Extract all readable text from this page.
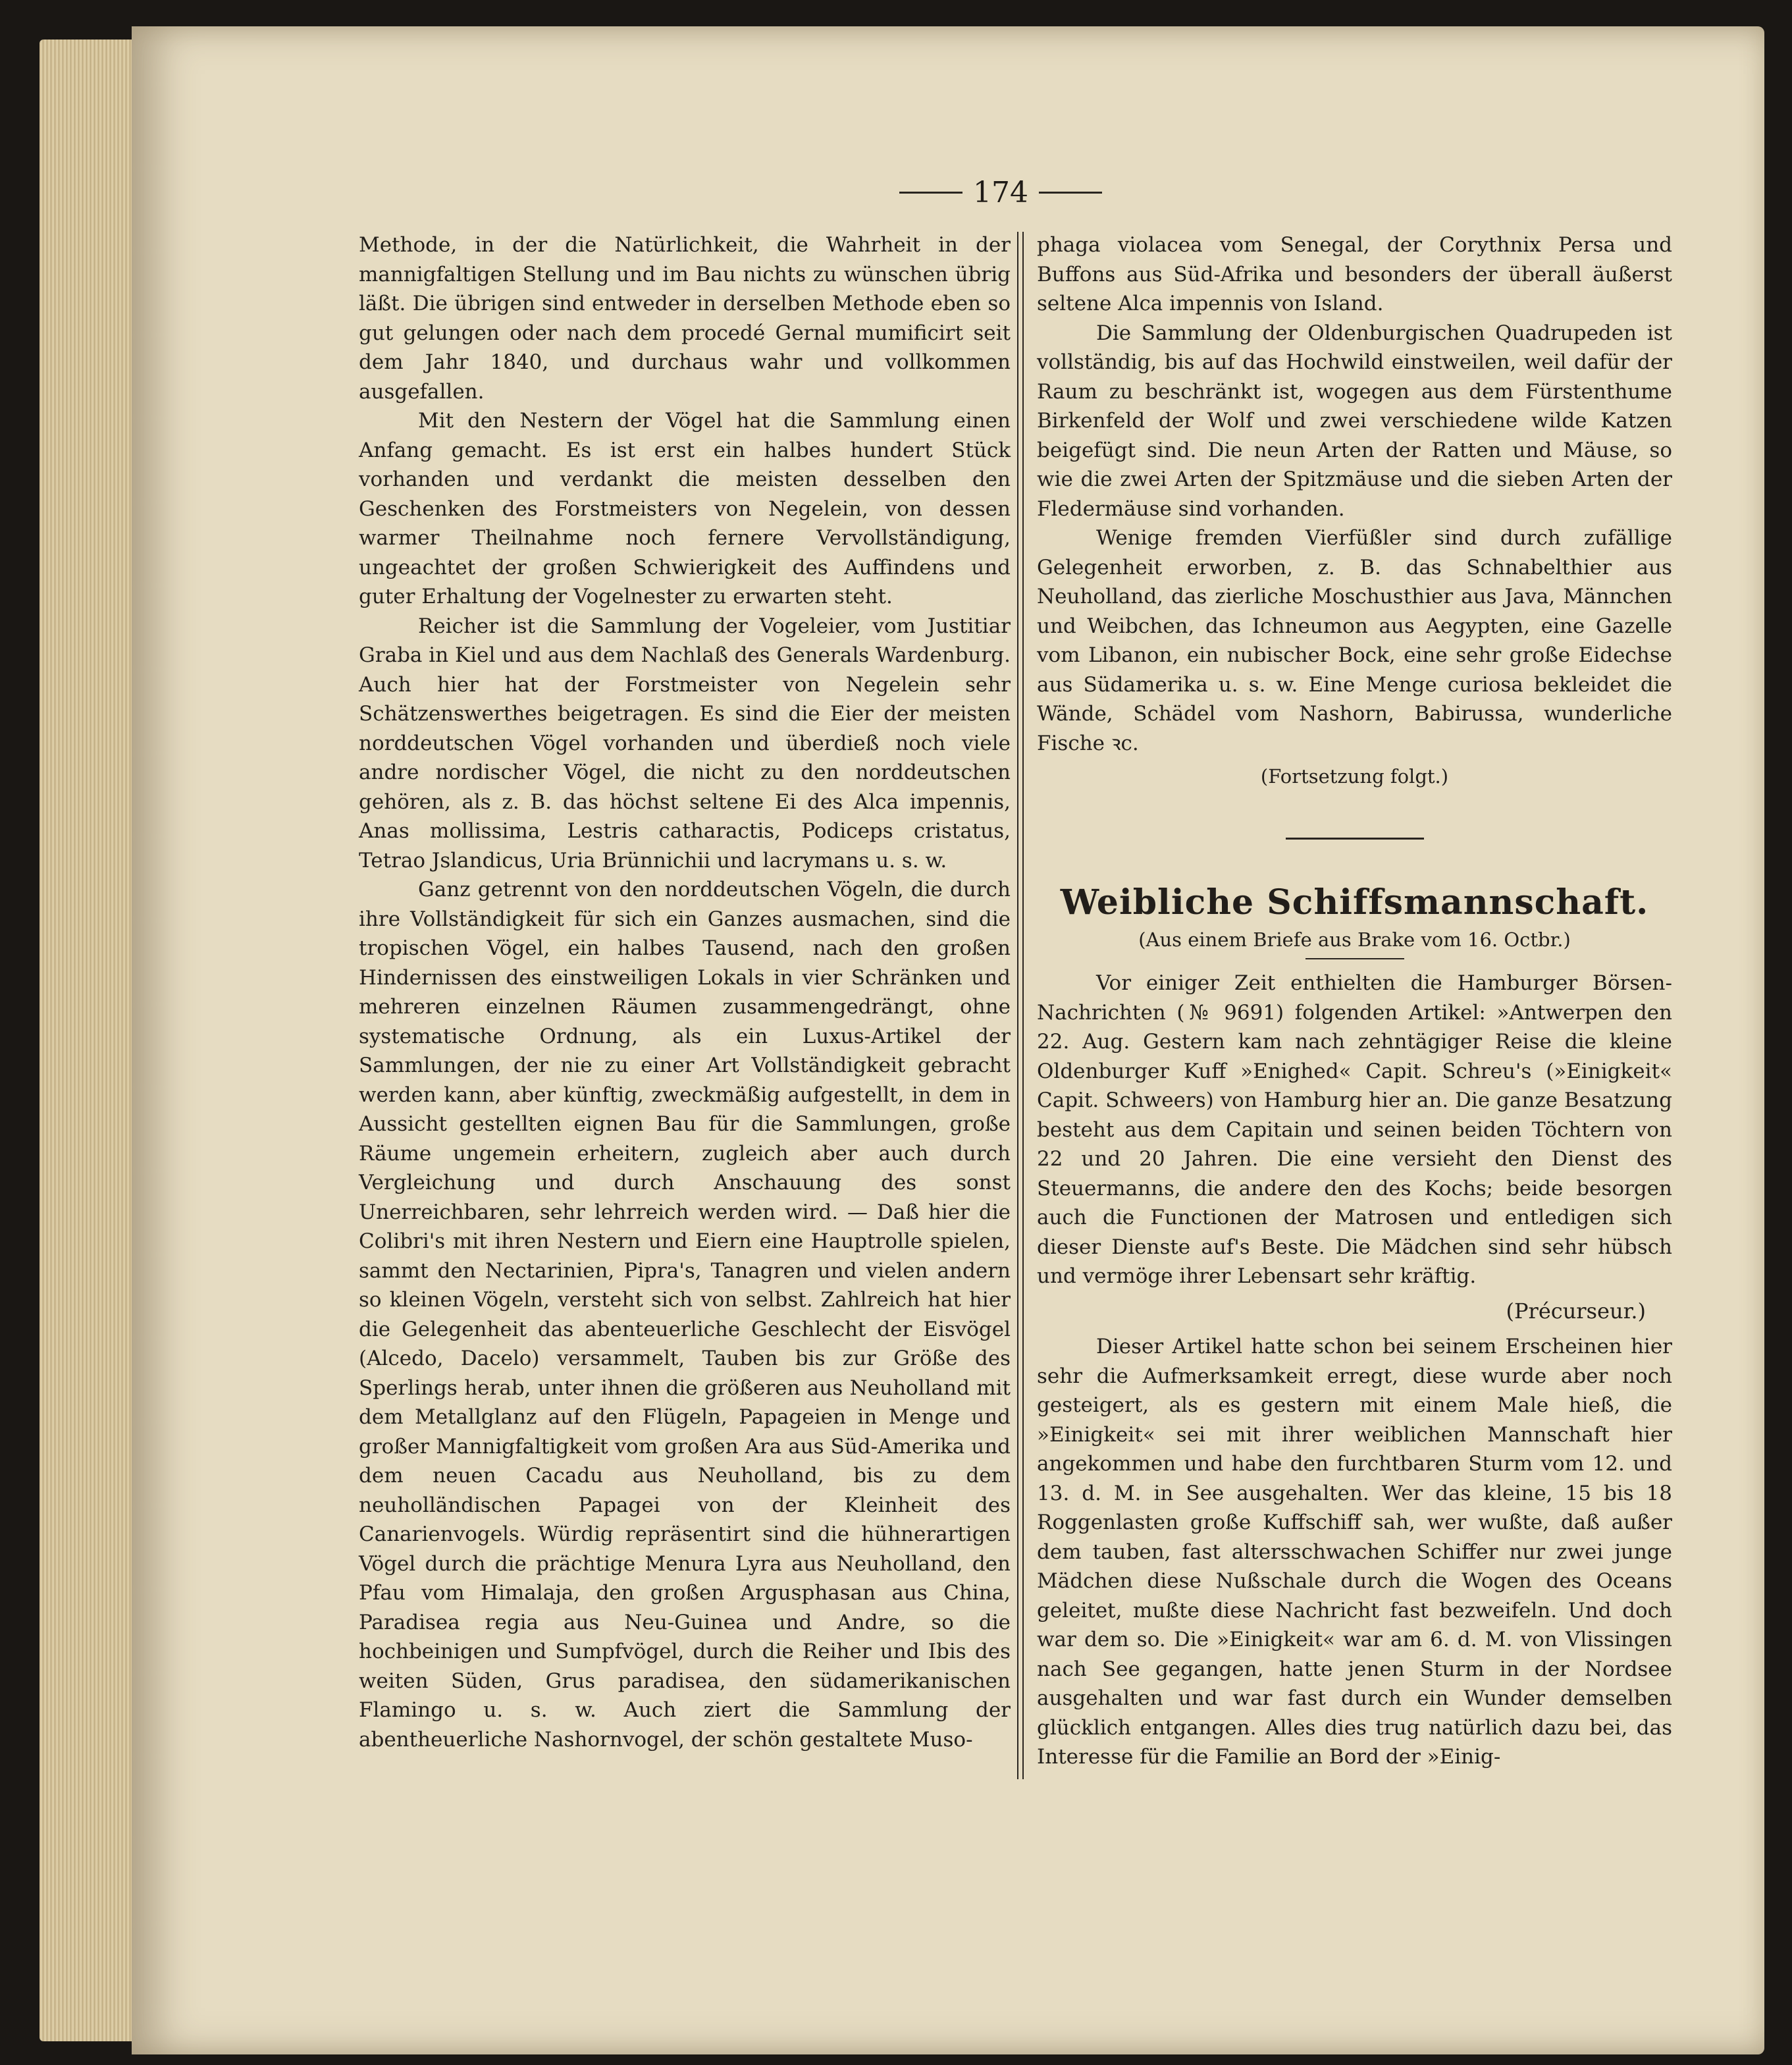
174

Methode, in der die Natürlichkeit, die Wahrheit in der mannigfaltigen Stellung und im Bau nichts zu wünschen übrig läßt. Die übrigen sind entweder in derselben Methode eben so gut gelungen oder nach dem procedé Gernal mumificirt seit dem Jahr 1840, und durchaus wahr und vollkommen ausgefallen.

Mit den Nestern der Vögel hat die Sammlung einen Anfang gemacht. Es ist erst ein halbes hundert Stück vorhanden und verdankt die meisten desselben den Geschenken des Forstmeisters von Negelein, von dessen warmer Theilnahme noch fernere Vervollständigung, ungeachtet der großen Schwierigkeit des Auffindens und guter Erhaltung der Vogelnester zu erwarten steht.

Reicher ist die Sammlung der Vogeleier, vom Justitiar Graba in Kiel und aus dem Nachlaß des Generals Wardenburg. Auch hier hat der Forstmeister von Negelein sehr Schätzenswerthes beigetragen. Es sind die Eier der meisten norddeutschen Vögel vorhanden und überdieß noch viele andre nordischer Vögel, die nicht zu den norddeutschen gehören, als z. B. das höchst seltene Ei des Alca impennis, Anas mollissima, Lestris catharactis, Podiceps cristatus, Tetrao Jslandicus, Uria Brünnichii und lacrymans u. s. w.

Ganz getrennt von den norddeutschen Vögeln, die durch ihre Vollständigkeit für sich ein Ganzes ausmachen, sind die tropischen Vögel, ein halbes Tausend, nach den großen Hindernissen des einstweiligen Lokals in vier Schränken und mehreren einzelnen Räumen zusammengedrängt, ohne systematische Ordnung, als ein Luxus-Artikel der Sammlungen, der nie zu einer Art Vollständigkeit gebracht werden kann, aber künftig, zweckmäßig aufgestellt, in dem in Aussicht gestellten eignen Bau für die Sammlungen, große Räume ungemein erheitern, zugleich aber auch durch Vergleichung und durch Anschauung des sonst Unerreichbaren, sehr lehrreich werden wird. — Daß hier die Colibri's mit ihren Nestern und Eiern eine Hauptrolle spielen, sammt den Nectarinien, Pipra's, Tanagren und vielen andern so kleinen Vögeln, versteht sich von selbst. Zahlreich hat hier die Gelegenheit das abenteuerliche Geschlecht der Eisvögel (Alcedo, Dacelo) versammelt, Tauben bis zur Größe des Sperlings herab, unter ihnen die größeren aus Neuholland mit dem Metallglanz auf den Flügeln, Papageien in Menge und großer Mannigfaltigkeit vom großen Ara aus Süd-Amerika und dem neuen Cacadu aus Neuholland, bis zu dem neuholländischen Papagei von der Kleinheit des Canarienvogels. Würdig repräsentirt sind die hühnerartigen Vögel durch die prächtige Menura Lyra aus Neuholland, den Pfau vom Himalaja, den großen Argusphasan aus China, Paradisea regia aus Neu-Guinea und Andre, so die hochbeinigen und Sumpfvögel, durch die Reiher und Ibis des weiten Süden, Grus paradisea, den südamerikanischen Flamingo u. s. w. Auch ziert die Sammlung der abentheuerliche Nashornvogel, der schön gestaltete Muso-

phaga violacea vom Senegal, der Corythnix Persa und Buffons aus Süd-Afrika und besonders der überall äußerst seltene Alca impennis von Island.

Die Sammlung der Oldenburgischen Quadrupeden ist vollständig, bis auf das Hochwild einstweilen, weil dafür der Raum zu beschränkt ist, wogegen aus dem Fürstenthume Birkenfeld der Wolf und zwei verschiedene wilde Katzen beigefügt sind. Die neun Arten der Ratten und Mäuse, so wie die zwei Arten der Spitzmäuse und die sieben Arten der Fledermäuse sind vorhanden.

Wenige fremden Vierfüßler sind durch zufällige Gelegenheit erworben, z. B. das Schnabelthier aus Neuholland, das zierliche Moschusthier aus Java, Männchen und Weibchen, das Ichneumon aus Aegypten, eine Gazelle vom Libanon, ein nubischer Bock, eine sehr große Eidechse aus Südamerika u. s. w. Eine Menge curiosa bekleidet die Wände, Schädel vom Nashorn, Babirussa, wunderliche Fische ꝛc.

(Fortsetzung folgt.)

Weibliche Schiffsmannschaft.

(Aus einem Briefe aus Brake vom 16. Octbr.)

Vor einiger Zeit enthielten die Hamburger Börsen-Nachrichten (№ 9691) folgenden Artikel: »Antwerpen den 22. Aug. Gestern kam nach zehntägiger Reise die kleine Oldenburger Kuff »Enighed« Capit. Schreu's (»Einigkeit« Capit. Schweers) von Hamburg hier an. Die ganze Besatzung besteht aus dem Capitain und seinen beiden Töchtern von 22 und 20 Jahren. Die eine versieht den Dienst des Steuermanns, die andere den des Kochs; beide besorgen auch die Functionen der Matrosen und entledigen sich dieser Dienste auf's Beste. Die Mädchen sind sehr hübsch und vermöge ihrer Lebensart sehr kräftig.

(Précurseur.)

Dieser Artikel hatte schon bei seinem Erscheinen hier sehr die Aufmerksamkeit erregt, diese wurde aber noch gesteigert, als es gestern mit einem Male hieß, die »Einigkeit« sei mit ihrer weiblichen Mannschaft hier angekommen und habe den furchtbaren Sturm vom 12. und 13. d. M. in See ausgehalten. Wer das kleine, 15 bis 18 Roggenlasten große Kuffschiff sah, wer wußte, daß außer dem tauben, fast altersschwachen Schiffer nur zwei junge Mädchen diese Nußschale durch die Wogen des Oceans geleitet, mußte diese Nachricht fast bezweifeln. Und doch war dem so. Die »Einigkeit« war am 6. d. M. von Vlissingen nach See gegangen, hatte jenen Sturm in der Nordsee ausgehalten und war fast durch ein Wunder demselben glücklich entgangen. Alles dies trug natürlich dazu bei, das Interesse für die Familie an Bord der »Einig-
